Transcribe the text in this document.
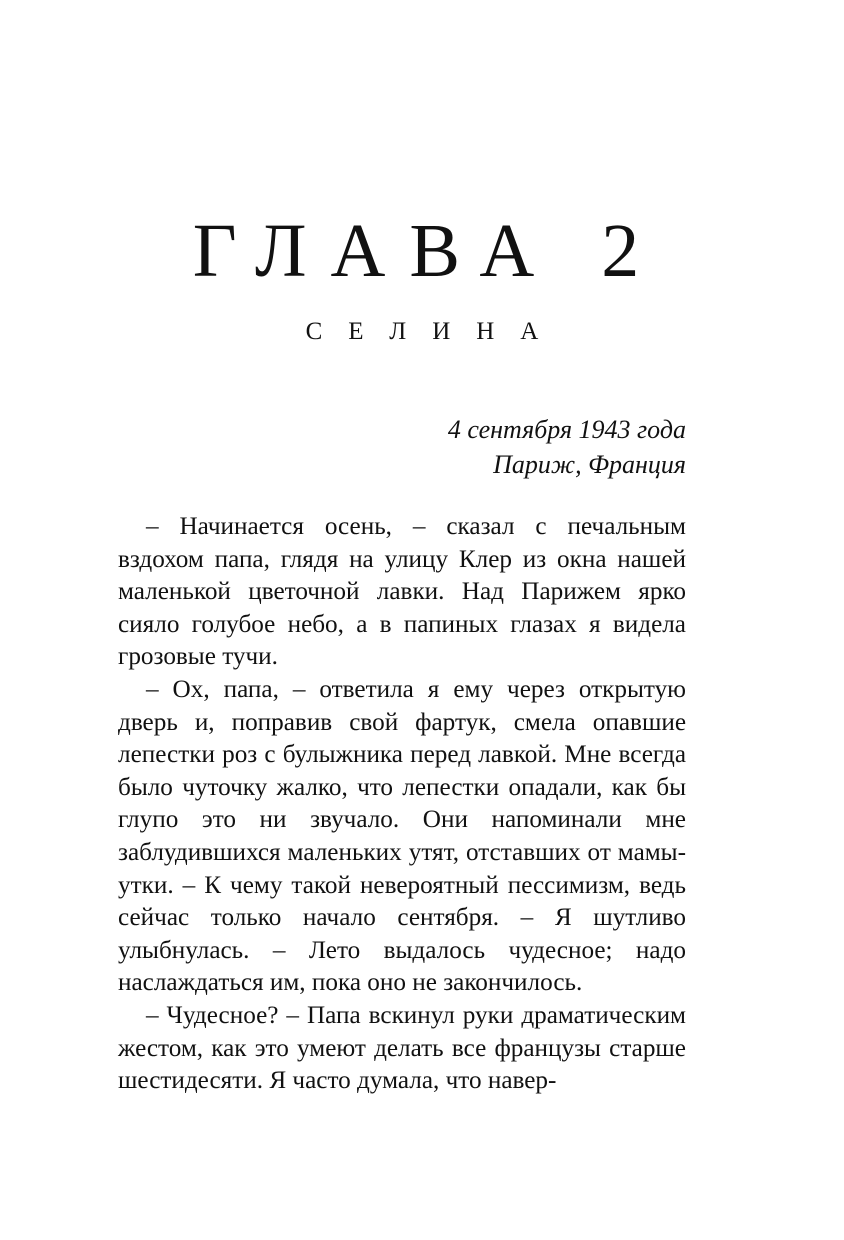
ГЛАВА 2
СЕЛИНА
4 сентября 1943 года
Париж, Франция

– Начинается осень, – сказал с печальным вздохом папа, глядя на улицу Клер из окна нашей маленькой цветочной лавки. Над Парижем ярко сияло голубое небо, а в папиных глазах я видела грозовые тучи.

– Ох, папа, – ответила я ему через открытую дверь и, поправив свой фартук, смела опавшие лепестки роз с булыжника перед лавкой. Мне всегда было чуточку жалко, что лепестки опадали, как бы глупо это ни звучало. Они напоминали мне заблудившихся маленьких утят, отставших от мамы-утки. – К чему такой невероятный пессимизм, ведь сейчас только начало сентября. – Я шутливо улыбнулась. – Лето выдалось чудесное; надо наслаждаться им, пока оно не закончилось.

– Чудесное? – Папа вскинул руки драматическим жестом, как это умеют делать все французы старше шестидесяти. Я часто думала, что навер-
